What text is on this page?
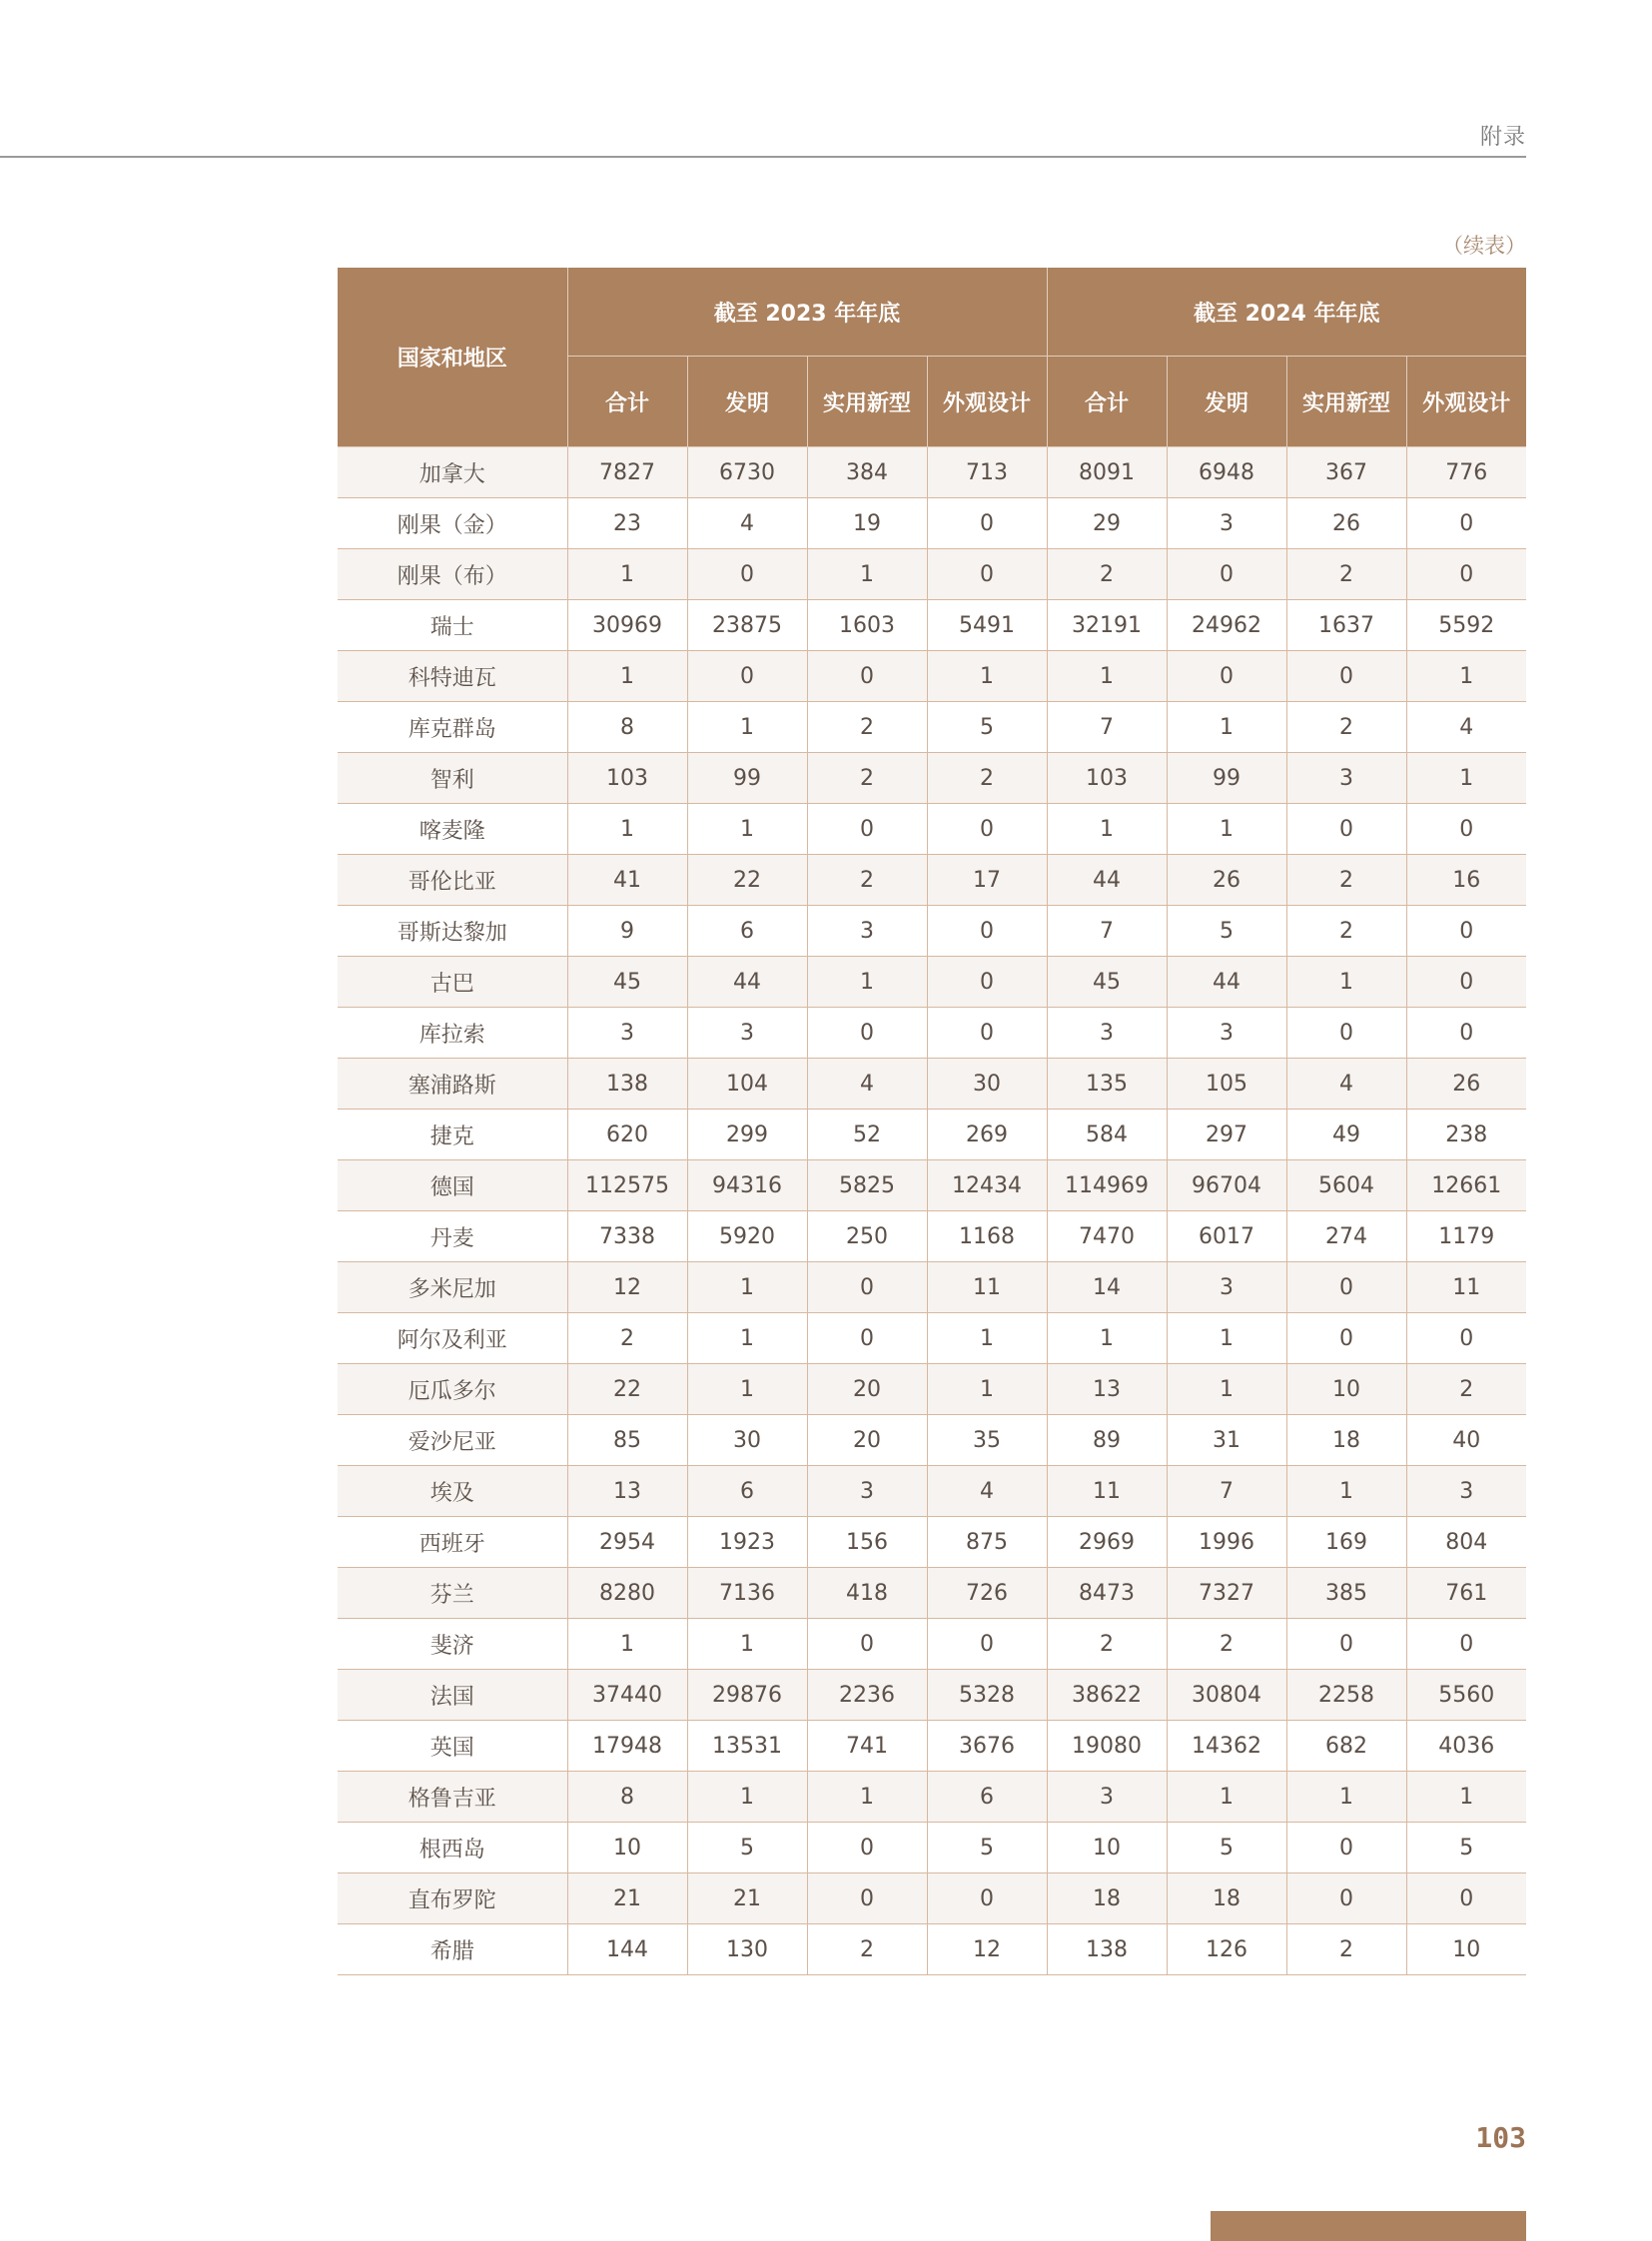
附录
（续表）
国家和地区	截至 2023 年年底				截至 2024 年年底			
	合计	发明	实用新型	外观设计	合计	发明	实用新型	外观设计
加拿大	7827	6730	384	713	8091	6948	367	776
刚果（金）	23	4	19	0	29	3	26	0
刚果（布）	1	0	1	0	2	0	2	0
瑞士	30969	23875	1603	5491	32191	24962	1637	5592
科特迪瓦	1	0	0	1	1	0	0	1
库克群岛	8	1	2	5	7	1	2	4
智利	103	99	2	2	103	99	3	1
喀麦隆	1	1	0	0	1	1	0	0
哥伦比亚	41	22	2	17	44	26	2	16
哥斯达黎加	9	6	3	0	7	5	2	0
古巴	45	44	1	0	45	44	1	0
库拉索	3	3	0	0	3	3	0	0
塞浦路斯	138	104	4	30	135	105	4	26
捷克	620	299	52	269	584	297	49	238
德国	112575	94316	5825	12434	114969	96704	5604	12661
丹麦	7338	5920	250	1168	7470	6017	274	1179
多米尼加	12	1	0	11	14	3	0	11
阿尔及利亚	2	1	0	1	1	1	0	0
厄瓜多尔	22	1	20	1	13	1	10	2
爱沙尼亚	85	30	20	35	89	31	18	40
埃及	13	6	3	4	11	7	1	3
西班牙	2954	1923	156	875	2969	1996	169	804
芬兰	8280	7136	418	726	8473	7327	385	761
斐济	1	1	0	0	2	2	0	0
法国	37440	29876	2236	5328	38622	30804	2258	5560
英国	17948	13531	741	3676	19080	14362	682	4036
格鲁吉亚	8	1	1	6	3	1	1	1
根西岛	10	5	0	5	10	5	0	5
直布罗陀	21	21	0	0	18	18	0	0
希腊	144	130	2	12	138	126	2	10
103
